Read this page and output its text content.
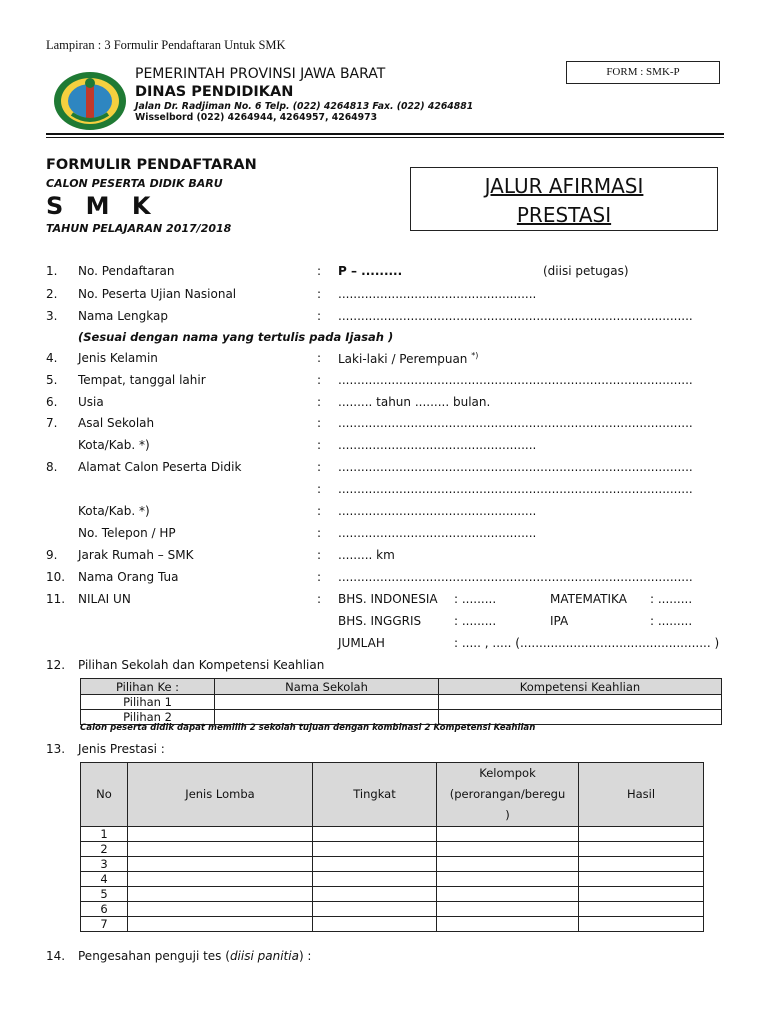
Lampiran : 3 Formulir Pendaftaran Untuk SMK
PEMERINTAH PROVINSI JAWA BARAT
DINAS PENDIDIKAN
Jalan Dr. Radjiman No. 6 Telp. (022) 4264813 Fax. (022) 4264881
Wisselbord (022) 4264944, 4264957, 4264973
FORM : SMK-P
FORMULIR PENDAFTARAN
CALON PESERTA DIDIK BARU
S M K
TAHUN PELAJARAN 2017/2018
JALUR AFIRMASI
PRESTASI
1. No. Pendaftaran	: P – .........	(diisi petugas)
2. No. Peserta Ujian Nasional	: ....................................................
3. Nama Lengkap	: .............................................................................................
(Sesuai dengan nama yang tertulis pada Ijasah )
4. Jenis Kelamin	: Laki-laki / Perempuan *)
5. Tempat, tanggal lahir	: .............................................................................................
6. Usia	: ......... tahun ......... bulan.
7. Asal Sekolah	: .............................................................................................
Kota/Kab. *)	: ....................................................
8. Alamat Calon Peserta Didik	: .............................................................................................
: .............................................................................................
Kota/Kab. *)	: ....................................................
No. Telepon / HP	: ....................................................
9. Jarak Rumah – SMK	: ......... km
10. Nama Orang Tua	: .............................................................................................
11. NILAI UN	: BHS. INDONESIA : .........	MATEMATIKA : .........
BHS. INGGRIS	: .........	IPA	: .........
JUMLAH	: ..... , ..... (.................................................. )
12. Pilihan Sekolah dan Kompetensi Keahlian
Pilihan Ke :	Nama Sekolah	Kompetensi Keahlian
Pilihan 1		
Pilihan 2		
Calon peserta didik dapat memilih 2 sekolah tujuan dengan kombinasi 2 Kompetensi Keahlian
13. Jenis Prestasi :
No	Jenis Lomba	Tingkat	Kelompok
(perorangan/beregu
)	Hasil
1				
2				
3				
4				
5				
6				
7				
14. Pengesahan penguji tes (diisi panitia) :
